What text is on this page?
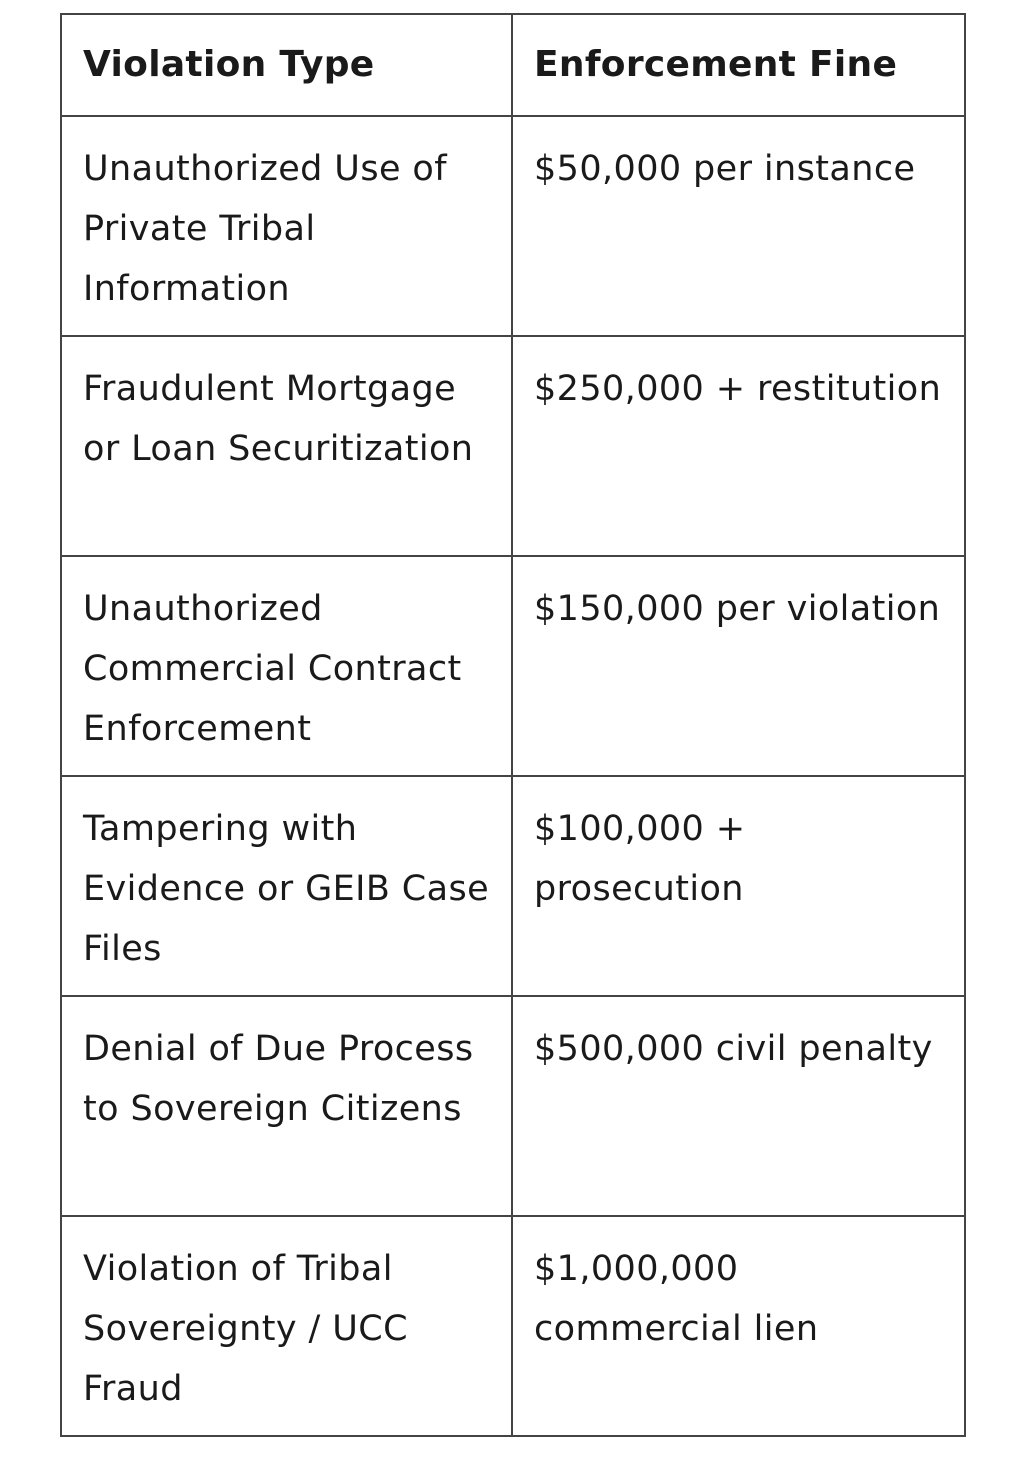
Violation Type	Enforcement Fine
Unauthorized Use of Private Tribal Information	$50,000 per instance
Fraudulent Mortgage or Loan Securitization	$250,000 + restitution
Unauthorized Commercial Contract Enforcement	$150,000 per violation
Tampering with Evidence or GEIB Case Files	$100,000 + prosecution
Denial of Due Process to Sovereign Citizens	$500,000 civil penalty
Violation of Tribal Sovereignty / UCC Fraud	$1,000,000 commercial lien
